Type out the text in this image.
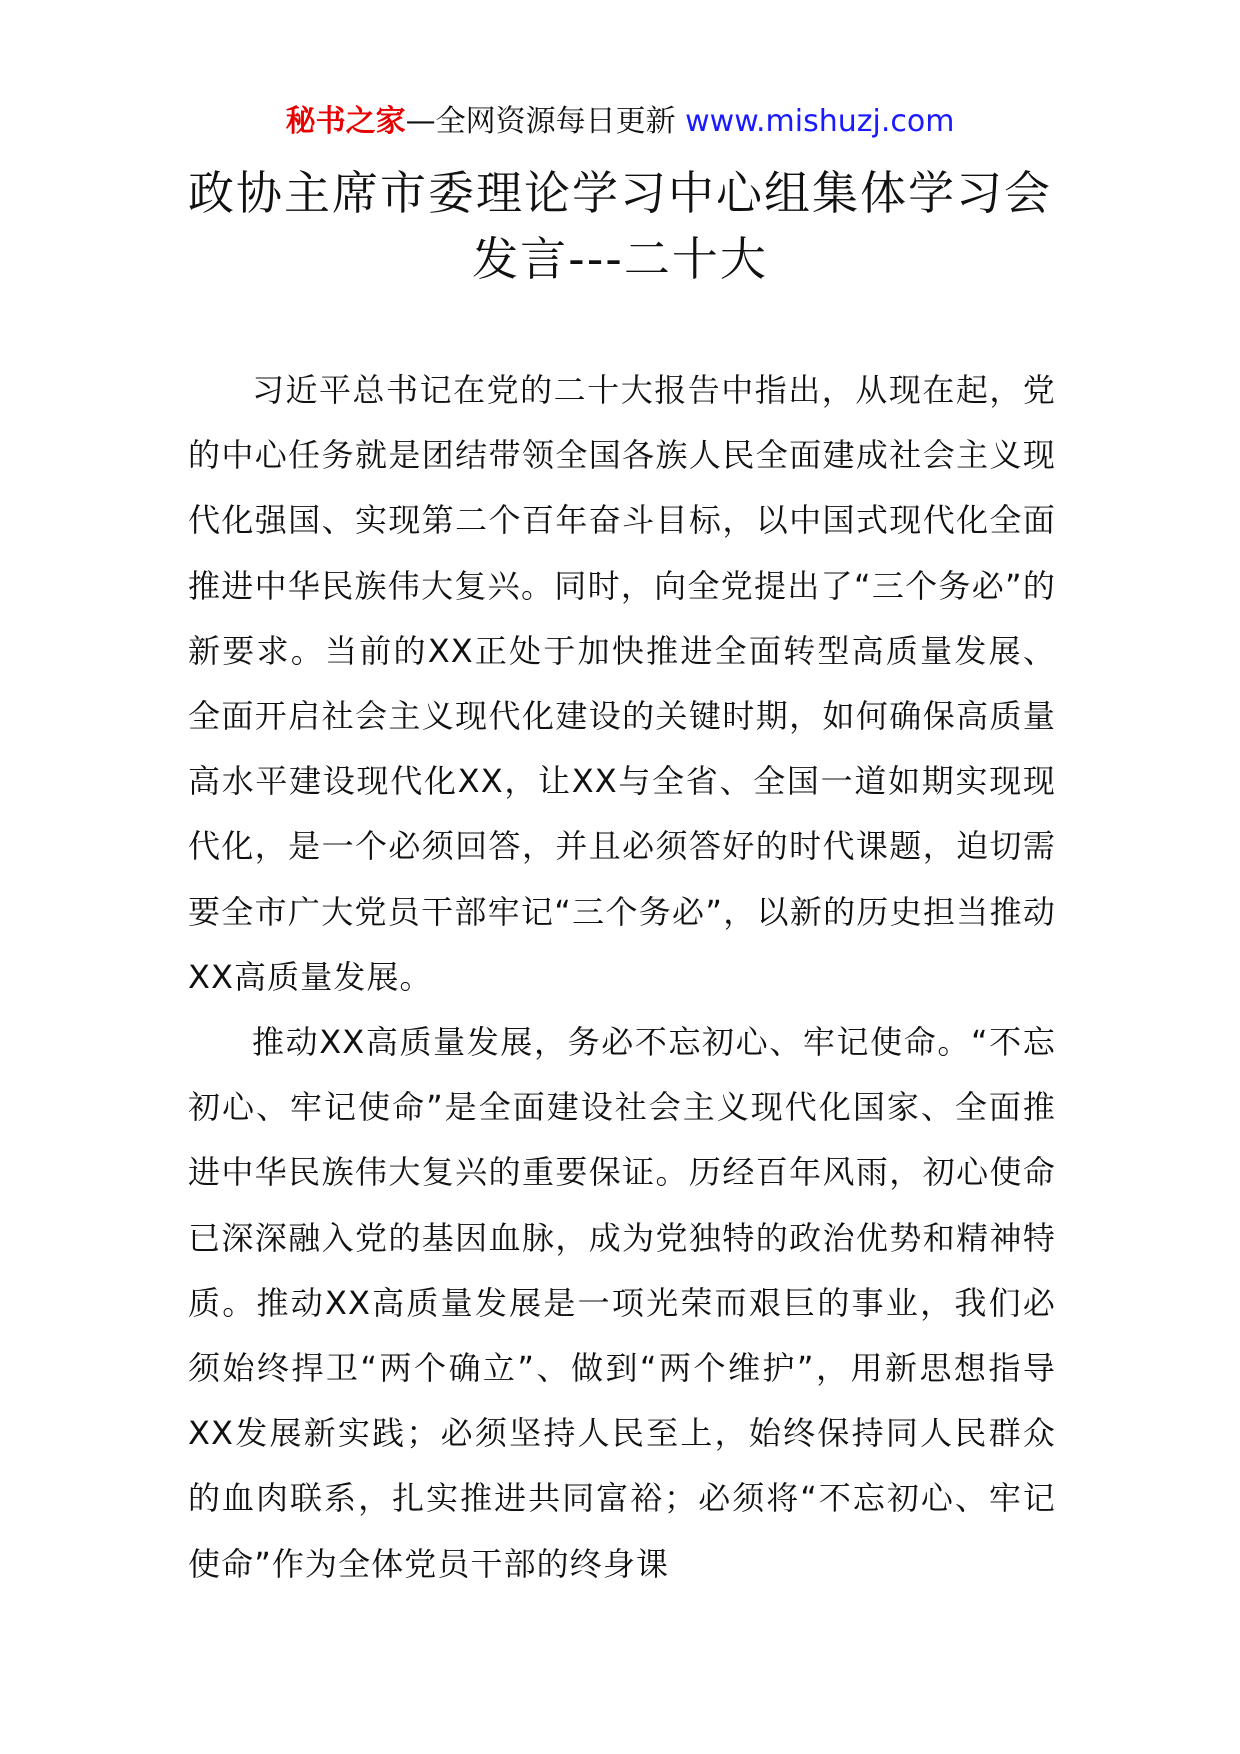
秘书之家—全网资源每日更新 www.mishuzj.com
政协主席市委理论学习中心组集体学习会
发言---二十大

习近平总书记在党的二十大报告中指出，从现在起，党的中心任务就是团结带领全国各族人民全面建成社会主义现代化强国、实现第二个百年奋斗目标，以中国式现代化全面推进中华民族伟大复兴。同时，向全党提出了“三个务必”的新要求。当前的XX正处于加快推进全面转型高质量发展、全面开启社会主义现代化建设的关键时期，如何确保高质量高水平建设现代化XX，让XX与全省、全国一道如期实现现代化，是一个必须回答，并且必须答好的时代课题，迫切需要全市广大党员干部牢记“三个务必”，以新的历史担当推动XX高质量发展。

推动XX高质量发展，务必不忘初心、牢记使命。“不忘初心、牢记使命”是全面建设社会主义现代化国家、全面推进中华民族伟大复兴的重要保证。历经百年风雨，初心使命已深深融入党的基因血脉，成为党独特的政治优势和精神特质。推动XX高质量发展是一项光荣而艰巨的事业，我们必须始终捍卫“两个确立”、做到“两个维护”，用新思想指导XX发展新实践；必须坚持人民至上，始终保持同人民群众的血肉联系，扎实推进共同富裕；必须将“不忘初心、牢记使命”作为全体党员干部的终身课
